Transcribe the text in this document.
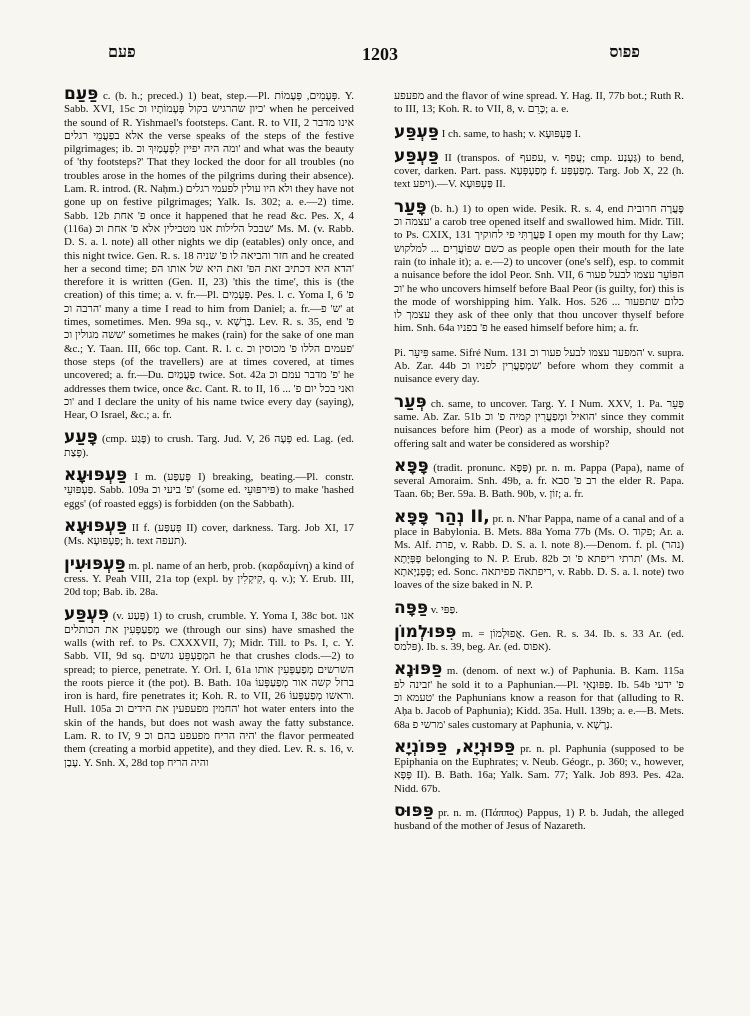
פעם	1203	פפוס

פַּעַם c. (b. h.; preced.) 1) beat, step.—Pl. פְּעָמִים, פְּעָמוֹת. Y. Sabb. XVI, 15c כיון שהרגיש בקול פְּעָמוֹתָיו וכ' when he perceived the sound of R. Yishmael's footsteps. Cant. R. to VII, 2 אינו מדבר אלא בפַעֲמֵי רגלים the verse speaks of the steps of the festive pilgrimages; ib. ומה היה יפיין לִפְעָמַיִךְ וכ' and what was the beauty of 'thy footsteps?' That they locked the door for all troubles (no troubles arose in the homes of the pilgrims during their absence). Lam. R. introd. (R. Naḥm.) ולא היו עולין לפעמי רגלים they have not gone up on festive pilgrimages; Yalk. Is. 302; a. e.—2) time. Sabb. 12b פ' אחת once it happened that he read &c. Pes. X, 4 (116a) שבכל הלילות אנו מטבילין אלא פ' אחת וכ' Ms. M. (v. Rabb. D. S. a. l. note) all other nights we dip (eatables) only once, and this night twice. Gen. R. s. 18 חזר והביאה לו פ' שניה and he created her a second time; הדא היא דכתיב זאת הפ' זאת היא של אותו הפ' therefore it is written (Gen. II, 23) 'this the time', this is (the creation) of this time; a. v. fr.—Pl. פְּעָמִים. Pes. l. c. Yoma I, 6 פ' הרבה וכ' many a time I read to him from Daniel; a. fr.—ש' פ' at times, sometimes. Men. 99a sq., v. בָּרַשָׁא. Lev. R. s. 35, end פ' ששה מגולין וכ' sometimes he makes (rain) for the sake of one man &c.; Y. Taan. III, 66c top. Cant. R. l. c. פעמים הללו פ' מכוסין וכ' those steps (of the travellers) are at times covered, at times uncovered; a. fr.—Du. פַּעֲמַיִם twice. Sot. 42a פ' מדבר עמם וכ' he addresses them twice, once &c. Cant. R. to II, 16 ... ואני בכל יום פ' וכ' and I declare the unity of his name twice every day (saying), Hear, O Israel, &c.; a. fr.

פָּעַע (cmp. פָּגַע) to crush. Targ. Jud. V, 26 פְּעָה ed. Lag. (ed. פָּצַת).

פַּעְפּוּעָא I m. (פְּעַפַּע I) breaking, beating.—Pl. constr. פַּעְפּוּעֵי. Sabb. 109a פ' ביעי וכ' (some ed. פּירפּוּעֵי) to make 'hashed eggs' (of roasted eggs) is forbidden (on the Sabbath).

פַּעְפּוּעָא II f. (פְּעַפַּע II) cover, darkness. Targ. Job XI, 17 (Ms. פַּעְפּוּעָא; h. text תעפה).

פַּעְפּוּעִין m. pl. name of an herb, prob. (καρδαμίνη) a kind of cress. Y. Peah VIII, 21a top (expl. by קִיקְלִין, q. v.); Y. Erub. III, 20d top; Bab. ib. 28a.

פִּעְפַּע (v. פָּעַע) 1) to crush, crumble. Y. Yoma I, 38c bot. אנו מְפַעַפְּעִין את הכותלים we (through our sins) have smashed the walls (with ref. to Ps. CXXXVII, 7); Midr. Till. to Ps. I, c. Y. Sabb. VII, 9d sq. המְפַעְפֵּעַ גושים he that crushes clods.—2) to spread; to pierce, penetrate. Y. Orl. I, 61a השרשים מְפַעַפְּעִין אותו the roots pierce it (the pot). B. Bath. 10a ברזל קשה אור מְפַעַפְּעוֹ iron is hard, fire penetrates it; Koh. R. to VII, 26 וראשו מְפַעַפְּעוֹ. Hull. 105a החמין מפעפעין את הידים וכ' hot water enters into the skin of the hands, but does not wash away the fatty substance. Lam. R. to IV, 9 היה הריח מפעפע בהם וכ' the flavor permeated them (creating a morbid appetite), and they died. Lev. R. s. 16, v. עָבַן. Y. Snh. X, 28d top והיה הריח

מפעפע and the flavor of wine spread. Y. Hag. II, 77b bot.; Ruth R. to III, 13; Koh. R. to VII, 8, v. כָּרֵם; a. e.

פַּעְפַּע I ch. same, to hash; v. פַּעְפּוּעָא I.

פַּעְפַּע II (transpos. of עפעף, v. עֲפַף; cmp. גַּעְנַע) to bend, cover, darken. Part. pass. מְפַעְפְּעָא f. מְפַעְפַּע. Targ. Job X, 22 (h. text ויפע).—V. פַּעְפּוּעָא II.

פָּעַר (b. h.) 1) to open wide. Pesik. R. s. 4, end פָּעֲרָה חרובית עצמה וכ' a carob tree opened itself and swallowed him. Midr. Till. to Ps. CXIX, 131 פַּעֲרְתִּי פי לחוקיך I open my mouth for thy Law; כשם שפוֹעֲרִים ... למלקוש as people open their mouth for the late rain (to inhale it); a. e.—2) to uncover (one's self), esp. to commit a nuisance before the idol Peor. Snh. VII, 6 הפּוֹעֵר עצמו לבעל פעור וכ' he who uncovers himself before Baal Peor (is guilty, for) this is the mode of worshipping him. Yalk. Hos. 526 ... כלום שתפעור עצמך לו they ask of thee only that thou uncover thyself before him. Snh. 64a פ' בפניו he eased himself before him; a. fr.

Pi. פִּיעֵר same. Sifré Num. 131 המפער עצמו לבעל פעור וכ' v. supra. Ab. Zar. 44b שמְפַעֲרִין לפניו וכ' before whom they commit a nuisance every day.

פְּעַר ch. same, to uncover. Targ. Y. I Num. XXV, 1. Pa. פַּעֵר same. Ab. Zar. 51b הואיל ומְפַעֲרִין קמיה פ' וכ' since they commit nuisances before him (Peor) as a mode of worship, should not offering salt and water be considered as worship?

פָּפָּא (tradit. pronunc. פַּפָּא) pr. n. m. Pappa (Papa), name of several Amoraim. Snh. 49b, a. fr. רב פ' סבא the elder R. Papa. Taan. 6b; Ber. 59a. B. Bath. 90b, v. זוֹן; a. fr.

נְהַר פָּפָּא II, pr. n. N'har Pappa, name of a canal and of a place in Babylonia. B. Mets. 88a Yoma 77b (Ms. O. פקוד; Ar. a. Ms. Alf. פרת, v. Rabb. D. S. a. l. note 8).—Denom. f. pl. (נהר) פָּפְּיָתָא belonging to N. P. Erub. 82b תרתי ריפתא פ' וכ' (Ms. M. פָּפְנַיָאתָא; ed. Sonc. ריפתאה פפיתאה, v. Rabb. D. S. a. l. note) two loaves of the size baked in N. P.

פַּפָּה v. פַּפּי.

פִּפּוּלְמוֹן m. = אֲפוּלְמוֹן. Gen. R. s. 34. Ib. s. 33 Ar. (ed. פּלמס). Ib. s. 39, beg. Ar. (ed. אפוס).

פַּפּוּנָא m. (denom. of next w.) of Paphunia. B. Kam. 115a זבינה לפ' he sold it to a Paphunian.—Pl. פַּפּוּנָאֵי. Ib. 54b פ' ידעי טעמא וכ' the Paphunians know a reason for that (alluding to R. Aḥa b. Jacob of Paphunia); Kidd. 35a. Hull. 139b; a. e.—B. Mets. 68a מרשי פ' sales customary at Paphunia, v. נְרָשָׁא.

פַּפּוּנְיָא, פַּפּוֹנְיָא pr. n. pl. Paphunia (supposed to be Epiphania on the Euphrates; v. Neub. Géogr., p. 360; v., however, פָּפָּא II). B. Bath. 16a; Yalk. Sam. 77; Yalk. Job 893. Pes. 42a. Nidd. 67b.

פַּפּוּס pr. n. m. (Πάππος) Pappus, 1) P. b. Judah, the alleged husband of the mother of Jesus of Nazareth.
